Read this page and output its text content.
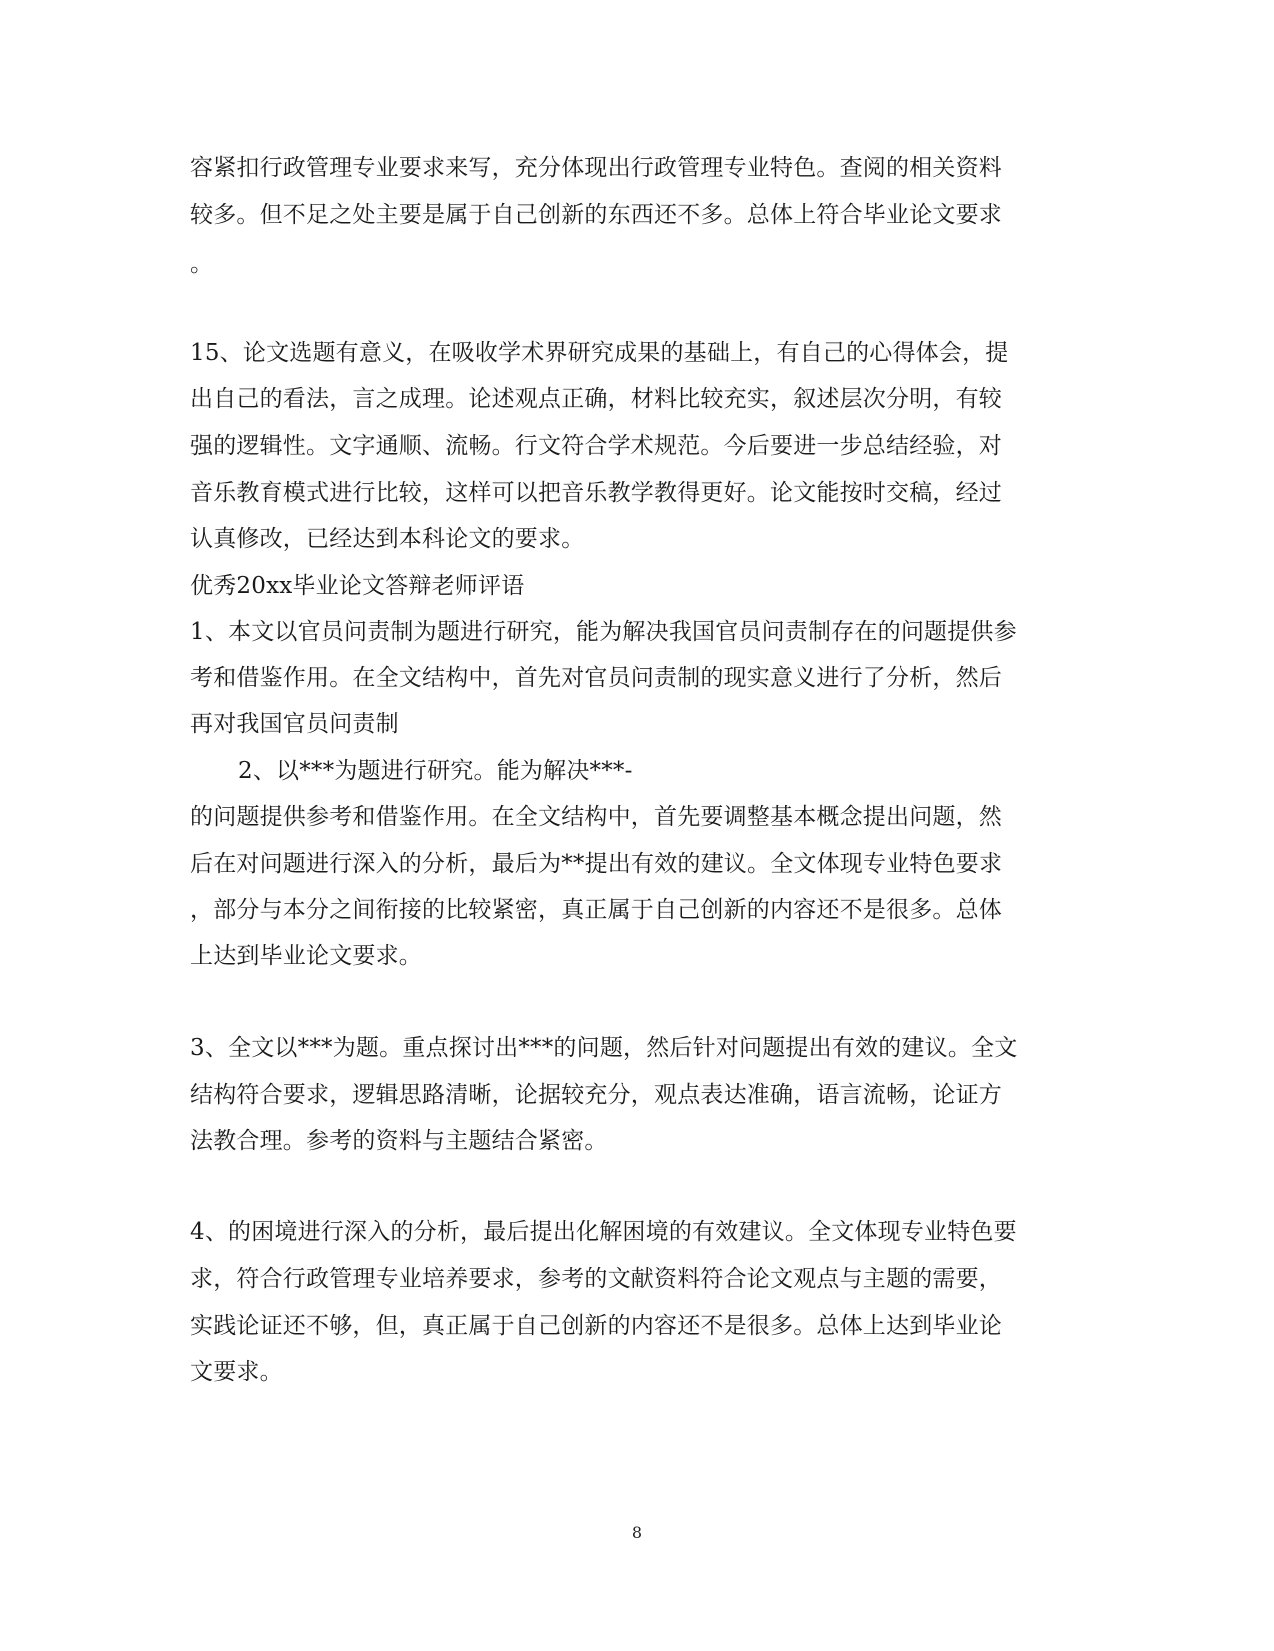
容紧扣行政管理专业要求来写，充分体现出行政管理专业特色。查阅的相关资料
较多。但不足之处主要是属于自己创新的东西还不多。总体上符合毕业论文要求
。
15、论文选题有意义，在吸收学术界研究成果的基础上，有自己的心得体会，提
出自己的看法，言之成理。论述观点正确，材料比较充实，叙述层次分明，有较
强的逻辑性。文字通顺、流畅。行文符合学术规范。今后要进一步总结经验，对
音乐教育模式进行比较，这样可以把音乐教学教得更好。论文能按时交稿，经过
认真修改，已经达到本科论文的要求。
优秀20xx毕业论文答辩老师评语
1、本文以官员问责制为题进行研究，能为解决我国官员问责制存在的问题提供参
考和借鉴作用。在全文结构中，首先对官员问责制的现实意义进行了分析，然后
再对我国官员问责制
2、以***为题进行研究。能为解决***-
的问题提供参考和借鉴作用。在全文结构中，首先要调整基本概念提出问题，然
后在对问题进行深入的分析，最后为**提出有效的建议。全文体现专业特色要求
，部分与本分之间衔接的比较紧密，真正属于自己创新的内容还不是很多。总体
上达到毕业论文要求。
3、全文以***为题。重点探讨出***的问题，然后针对问题提出有效的建议。全文
结构符合要求，逻辑思路清晰，论据较充分，观点表达准确，语言流畅，论证方
法教合理。参考的资料与主题结合紧密。
4、的困境进行深入的分析，最后提出化解困境的有效建议。全文体现专业特色要
求，符合行政管理专业培养要求，参考的文献资料符合论文观点与主题的需要，
实践论证还不够，但，真正属于自己创新的内容还不是很多。总体上达到毕业论
文要求。
8
